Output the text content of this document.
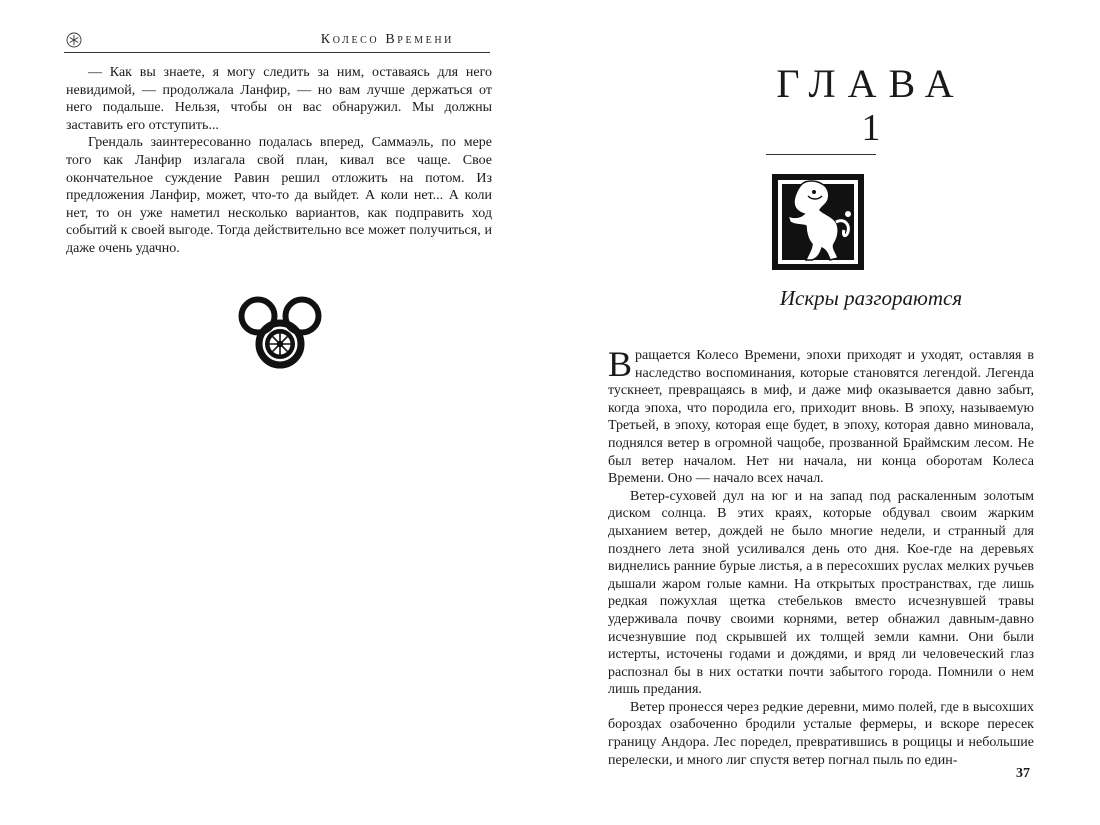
Колесо Времени

— Как вы знаете, я могу следить за ним, оставаясь для него невидимой, — продолжала Ланфир, — но вам лучше держаться от него подальше. Нельзя, чтобы он вас обнаружил. Мы должны заставить его отступить...

Грендаль заинтересованно подалась вперед, Саммаэль, по мере того как Ланфир излагала свой план, кивал все чаще. Свое окончательное суждение Равин решил отложить на потом. Из предложения Ланфир, может, что-то да выйдет. А коли нет... А коли нет, то он уже наметил несколько вариантов, как подправить ход событий к своей выгоде. Тогда действительно все может получиться, и даже очень удачно.

ГЛАВА
1
Искры разгораются

Вращается Колесо Времени, эпохи приходят и уходят, оставляя в наследство воспоминания, которые становятся легендой. Легенда тускнеет, превращаясь в миф, и даже миф оказывается давно забыт, когда эпоха, что породила его, приходит вновь. В эпоху, называемую Третьей, в эпоху, которая еще будет, в эпоху, которая давно миновала, поднялся ветер в огромной чащобе, прозванной Браймским лесом. Не был ветер началом. Нет ни начала, ни конца оборотам Колеса Времени. Оно — начало всех начал.

Ветер-суховей дул на юг и на запад под раскаленным золотым диском солнца. В этих краях, которые обдувал своим жарким дыханием ветер, дождей не было многие недели, и странный для позднего лета зной усиливался день ото дня. Кое-где на деревьях виднелись ранние бурые листья, а в пересохших руслах мелких ручьев дышали жаром голые камни. На открытых пространствах, где лишь редкая пожухлая щетка стебельков вместо исчезнувшей травы удерживала почву своими корнями, ветер обнажил давным-давно исчезнувшие под скрывшей их толщей земли камни. Они были истерты, источены годами и дождями, и вряд ли человеческий глаз распознал бы в них остатки почти забытого города. Помнили о нем лишь предания.

Ветер пронесся через редкие деревни, мимо полей, где в высохших бороздах озабоченно бродили усталые фермеры, и вскоре пересек границу Андора. Лес поредел, превратившись в рощицы и небольшие перелески, и много лиг спустя ветер погнал пыль по един-

37
